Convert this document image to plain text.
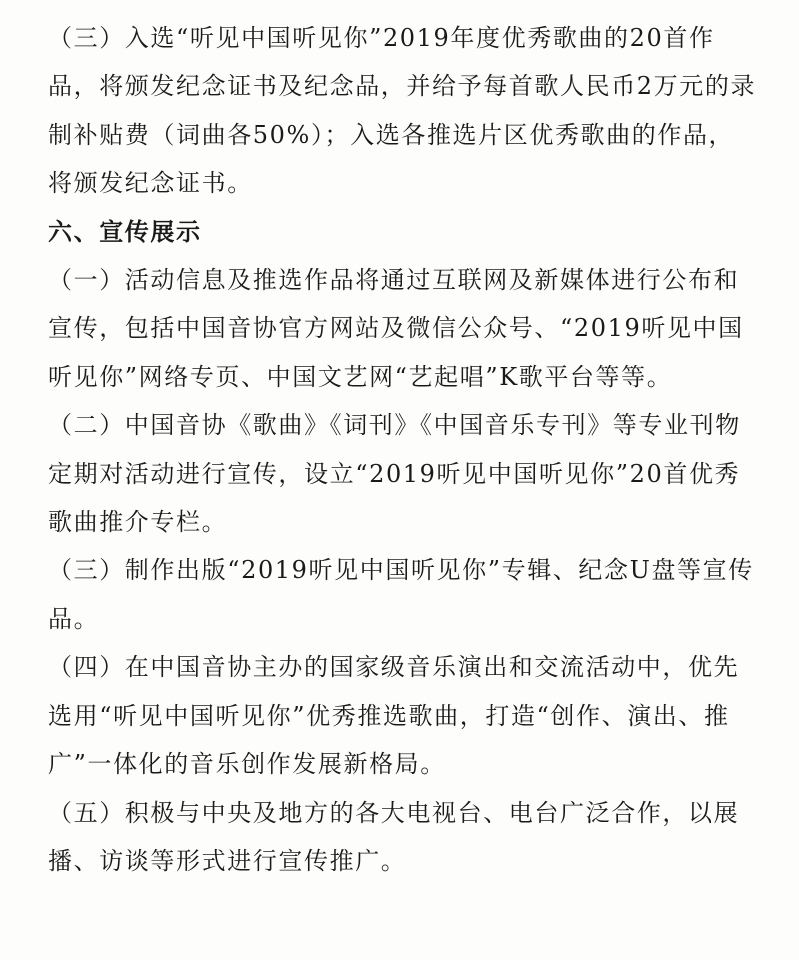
（三）入选“听见中国听见你”2019年度优秀歌曲的20首作品，将颁发纪念证书及纪念品，并给予每首歌人民币2万元的录制补贴费（词曲各50%）；入选各推选片区优秀歌曲的作品，将颁发纪念证书。

六、宣传展示

（一）活动信息及推选作品将通过互联网及新媒体进行公布和宣传，包括中国音协官方网站及微信公众号、“2019听见中国听见你”网络专页、中国文艺网“艺起唱”K歌平台等等。

（二）中国音协《歌曲》《词刊》《中国音乐专刊》等专业刊物定期对活动进行宣传，设立“2019听见中国听见你”20首优秀歌曲推介专栏。

（三）制作出版“2019听见中国听见你”专辑、纪念U盘等宣传品。

（四）在中国音协主办的国家级音乐演出和交流活动中，优先选用“听见中国听见你”优秀推选歌曲，打造“创作、演出、推广”一体化的音乐创作发展新格局。

（五）积极与中央及地方的各大电视台、电台广泛合作，以展播、访谈等形式进行宣传推广。
